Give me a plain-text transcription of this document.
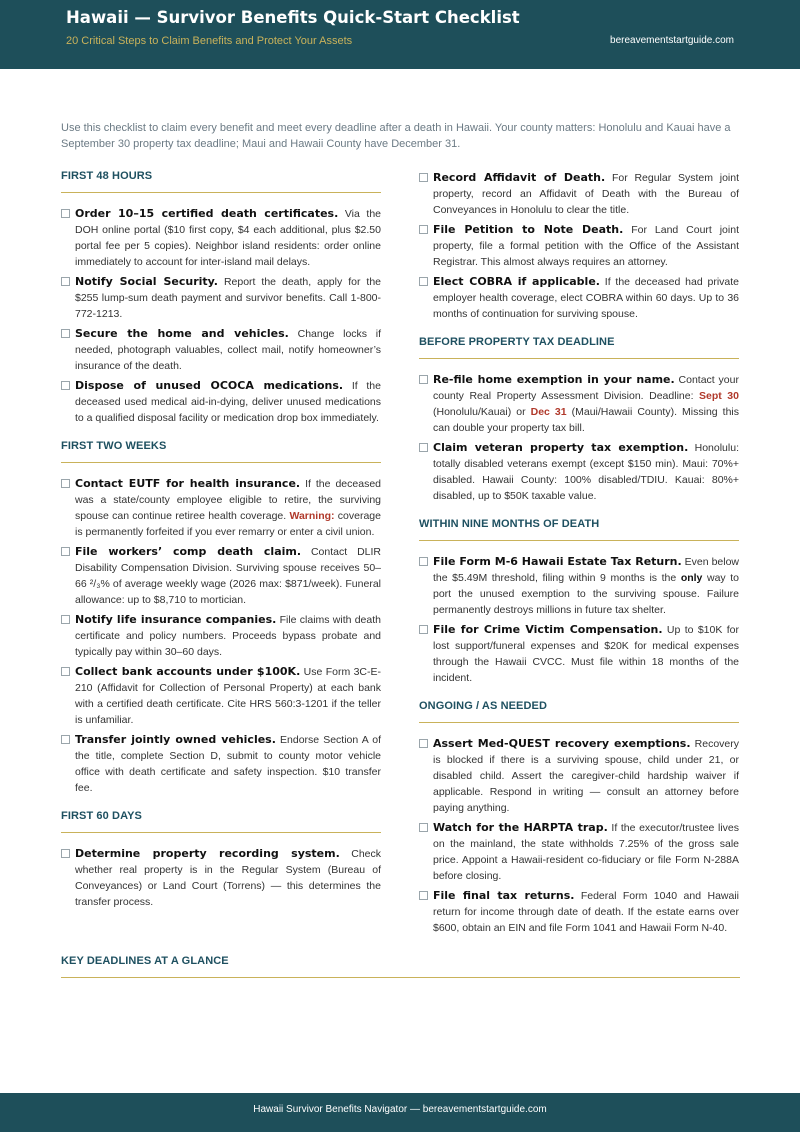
Hawaii — Survivor Benefits Quick-Start Checklist
20 Critical Steps to Claim Benefits and Protect Your Assets	bereavementstartguide.com
Use this checklist to claim every benefit and meet every deadline after a death in Hawaii. Your county matters: Honolulu and Kauai have a September 30 property tax deadline; Maui and Hawaii County have December 31.
FIRST 48 HOURS
Order 10–15 certified death certificates. Via the DOH online portal ($10 first copy, $4 each additional, plus $2.50 portal fee per 5 copies). Neighbor island residents: order online immediately to account for inter-island mail delays.
Notify Social Security. Report the death, apply for the $255 lump-sum death payment and survivor benefits. Call 1-800-772-1213.
Secure the home and vehicles. Change locks if needed, photograph valuables, collect mail, notify homeowner’s insurance of the death.
Dispose of unused OCOCA medications. If the deceased used medical aid-in-dying, deliver unused medications to a qualified disposal facility or medication drop box immediately.
FIRST TWO WEEKS
Contact EUTF for health insurance. If the deceased was a state/county employee eligible to retire, the surviving spouse can continue retiree health coverage. Warning: coverage is permanently forfeited if you ever remarry or enter a civil union.
File workers’ comp death claim. Contact DLIR Disability Compensation Division. Surviving spouse receives 50–66 ²/₃% of average weekly wage (2026 max: $871/week). Funeral allowance: up to $8,710 to mortician.
Notify life insurance companies. File claims with death certificate and policy numbers. Proceeds bypass probate and typically pay within 30–60 days.
Collect bank accounts under $100K. Use Form 3C-E-210 (Affidavit for Collection of Personal Property) at each bank with a certified death certificate. Cite HRS 560:3-1201 if the teller is unfamiliar.
Transfer jointly owned vehicles. Endorse Section A of the title, complete Section D, submit to county motor vehicle office with death certificate and safety inspection. $10 transfer fee.
FIRST 60 DAYS
Determine property recording system. Check whether real property is in the Regular System (Bureau of Conveyances) or Land Court (Torrens) — this determines the transfer process.
Record Affidavit of Death. For Regular System joint property, record an Affidavit of Death with the Bureau of Conveyances in Honolulu to clear the title.
File Petition to Note Death. For Land Court joint property, file a formal petition with the Office of the Assistant Registrar. This almost always requires an attorney.
Elect COBRA if applicable. If the deceased had private employer health coverage, elect COBRA within 60 days. Up to 36 months of continuation for surviving spouse.
BEFORE PROPERTY TAX DEADLINE
Re-file home exemption in your name. Contact your county Real Property Assessment Division. Deadline: Sept 30 (Honolulu/Kauai) or Dec 31 (Maui/Hawaii County). Missing this can double your property tax bill.
Claim veteran property tax exemption. Honolulu: totally disabled veterans exempt (except $150 min). Maui: 70%+ disabled. Hawaii County: 100% disabled/TDIU. Kauai: 80%+ disabled, up to $50K taxable value.
WITHIN NINE MONTHS OF DEATH
File Form M-6 Hawaii Estate Tax Return. Even below the $5.49M threshold, filing within 9 months is the only way to port the unused exemption to the surviving spouse. Failure permanently destroys millions in future tax shelter.
File for Crime Victim Compensation. Up to $10K for lost support/funeral expenses and $20K for medical expenses through the Hawaii CVCC. Must file within 18 months of the incident.
ONGOING / AS NEEDED
Assert Med-QUEST recovery exemptions. Recovery is blocked if there is a surviving spouse, child under 21, or disabled child. Assert the caregiver-child hardship waiver if applicable. Respond in writing — consult an attorney before paying anything.
Watch for the HARPTA trap. If the executor/trustee lives on the mainland, the state withholds 7.25% of the gross sale price. Appoint a Hawaii-resident co-fiduciary or file Form N-288A before closing.
File final tax returns. Federal Form 1040 and Hawaii return for income through date of death. If the estate earns over $600, obtain an EIN and file Form 1041 and Hawaii Form N-40.
KEY DEADLINES AT A GLANCE
Hawaii Survivor Benefits Navigator — bereavementstartguide.com
